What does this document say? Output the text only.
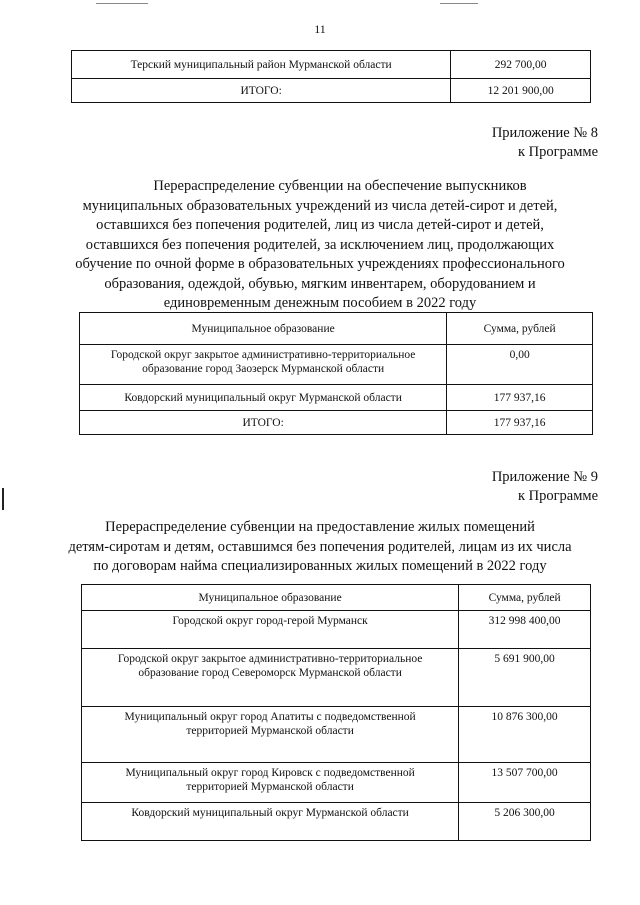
11
Терский муниципальный район Мурманской области	292 700,00
ИТОГО:	12 201 900,00
Приложение № 8
к Программе
Перераспределение субвенции на обеспечение выпускников
муниципальных образовательных учреждений из числа детей-сирот и детей,
оставшихся без попечения родителей, лиц из числа детей-сирот и детей,
оставшихся без попечения родителей, за исключением лиц, продолжающих
обучение по очной форме в образовательных учреждениях профессионального
образования, одеждой, обувью, мягким инвентарем, оборудованием и
единовременным денежным пособием в 2022 году
Муниципальное образование	Сумма, рублей

Городской округ закрытое административно-территориальное
образование город Заозерск Мурманской области	0,00
Ковдорский муниципальный округ Мурманской области	177 937,16
ИТОГО:	177 937,16
Приложение № 9
к Программе
Перераспределение субвенции на предоставление жилых помещений
детям-сиротам и детям, оставшимся без попечения родителей, лицам из их числа
по договорам найма специализированных жилых помещений в 2022 году
Муниципальное образование	Сумма, рублей
Городской округ город-герой Мурманск	312 998 400,00

Городской округ закрытое административно-территориальное
образование город Североморск Мурманской области	5 691 900,00

Муниципальный округ город Апатиты с подведомственной
территорией Мурманской области	10 876 300,00

Муниципальный округ город Кировск с подведомственной
территорией Мурманской области	13 507 700,00
Ковдорский муниципальный округ Мурманской области	5 206 300,00
